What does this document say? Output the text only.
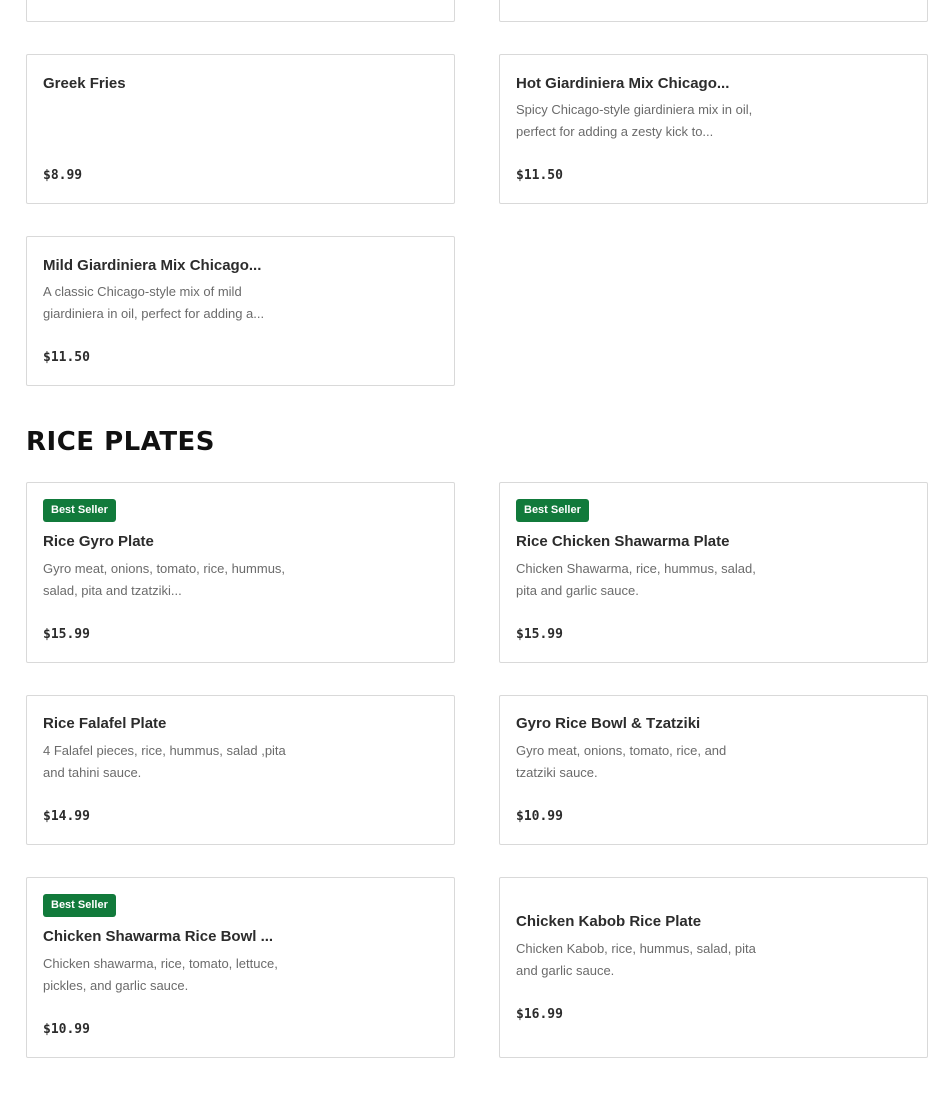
Greek Fries
$8.99
Hot Giardiniera Mix Chicago...
Spicy Chicago-style giardiniera mix in oil, perfect for adding a zesty kick to...
$11.50
Mild Giardiniera Mix Chicago...
A classic Chicago-style mix of mild giardiniera in oil, perfect for adding a...
$11.50
RICE PLATES
Best Seller
Rice Gyro Plate
Gyro meat, onions, tomato, rice, hummus, salad, pita and tzatziki...
$15.99
Best Seller
Rice Chicken Shawarma Plate
Chicken Shawarma, rice, hummus, salad, pita and garlic sauce.
$15.99
Rice Falafel Plate
4 Falafel pieces, rice, hummus, salad ,pita and tahini sauce.
$14.99
Gyro Rice Bowl & Tzatziki
Gyro meat, onions, tomato, rice, and tzatziki sauce.
$10.99
Best Seller
Chicken Shawarma Rice Bowl ...
Chicken shawarma, rice, tomato, lettuce, pickles, and garlic sauce.
$10.99
Chicken Kabob Rice Plate
Chicken Kabob, rice, hummus, salad, pita and garlic sauce.
$16.99
